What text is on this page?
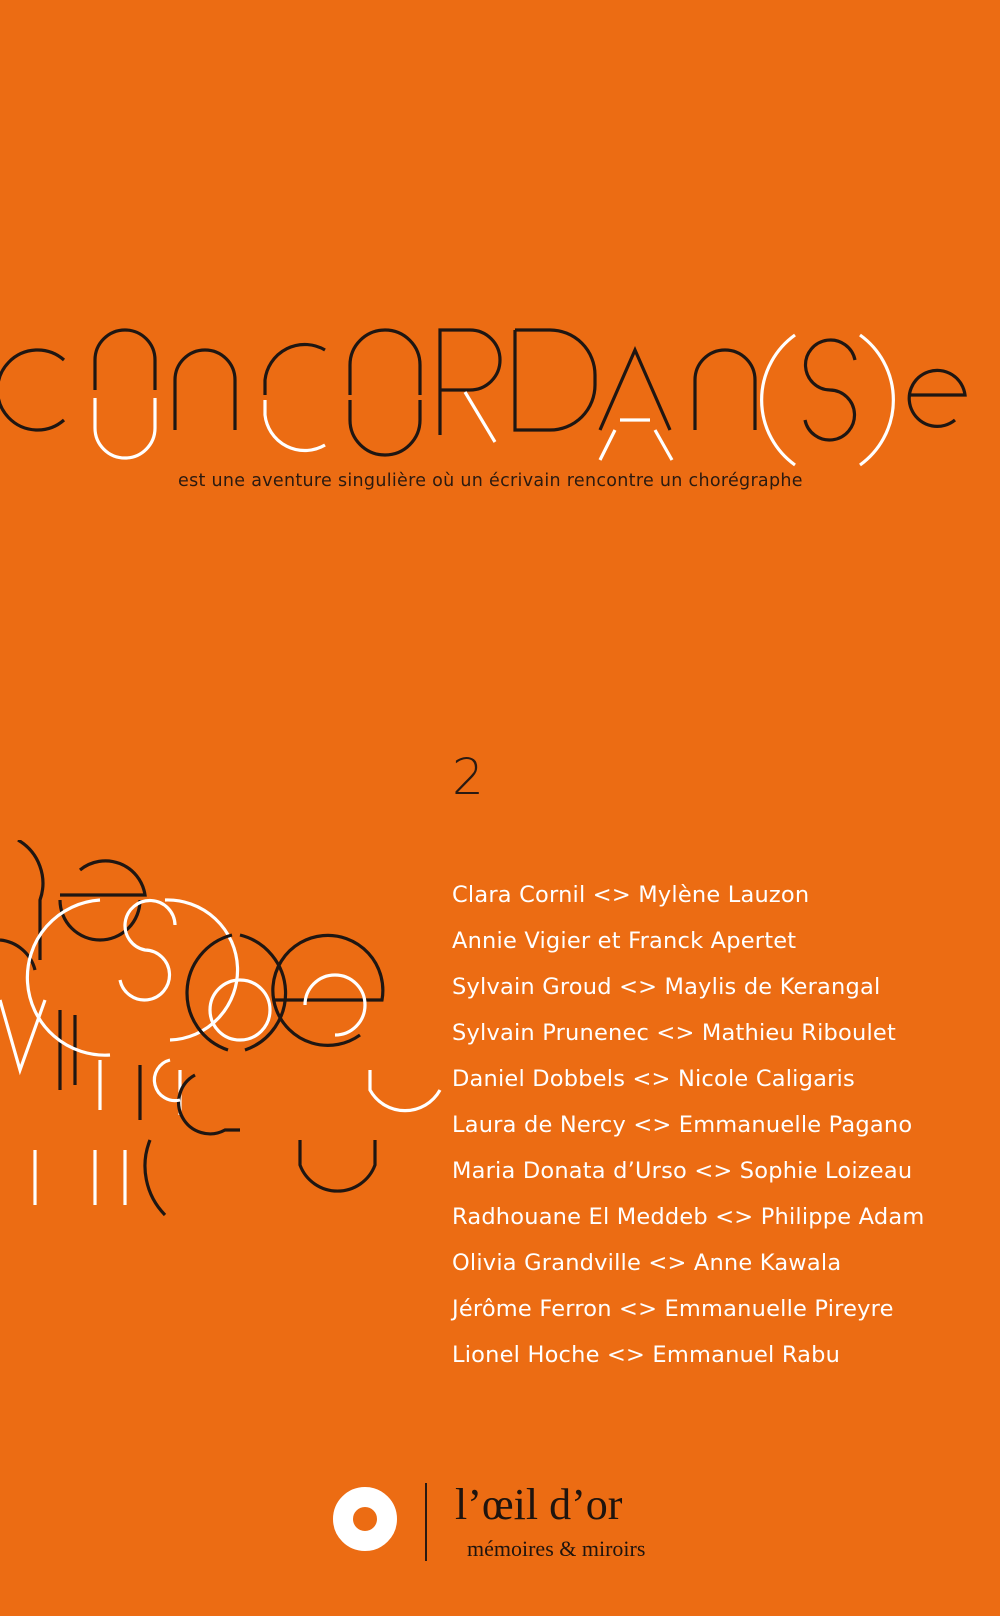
est une aventure singulière où un écrivain rencontre un chorégraphe
2
Clara Cornil <> Mylène Lauzon
Annie Vigier et Franck Apertet
Sylvain Groud <> Maylis de Kerangal
Sylvain Prunenec <> Mathieu Riboulet
Daniel Dobbels <> Nicole Caligaris
Laura de Nercy <> Emmanuelle Pagano
Maria Donata d’Urso <> Sophie Loizeau
Radhouane El Meddeb <> Philippe Adam
Olivia Grandville <> Anne Kawala
Jérôme Ferron <> Emmanuelle Pireyre
Lionel Hoche <> Emmanuel Rabu
l’œil d’or
mémoires & miroirs
